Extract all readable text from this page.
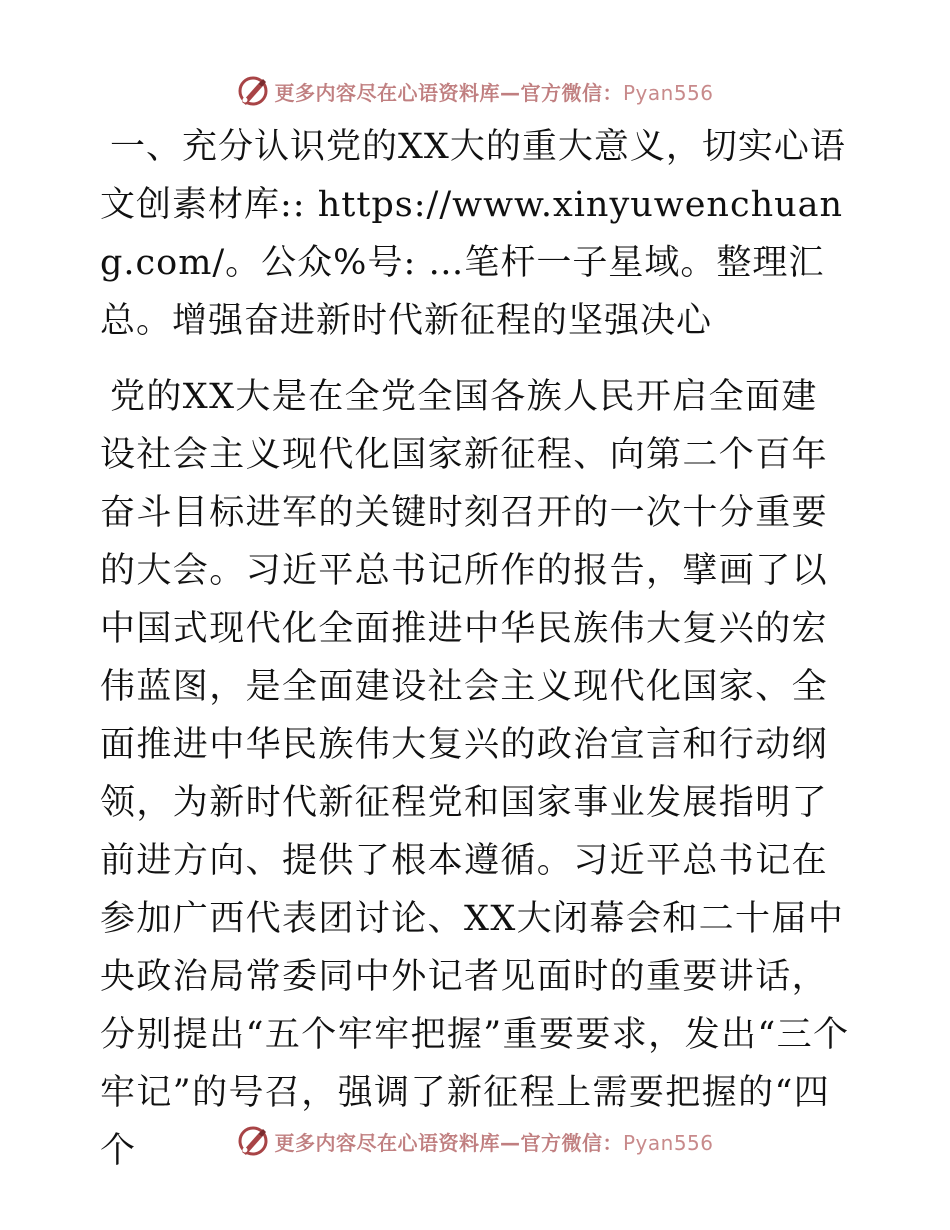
更多内容尽在心语资料库—官方微信：Pyan556
一、充分认识党的XX大的重大意义，切实心语文创素材库:: https://www.xinyuwenchuang.com/。公众%号: …笔杆一子星域。整理汇总。增强奋进新时代新征程的坚强决心

党的XX大是在全党全国各族人民开启全面建设社会主义现代化国家新征程、向第二个百年奋斗目标进军的关键时刻召开的一次十分重要的大会。习近平总书记所作的报告，擘画了以中国式现代化全面推进中华民族伟大复兴的宏伟蓝图，是全面建设社会主义现代化国家、全面推进中华民族伟大复兴的政治宣言和行动纲领，为新时代新征程党和国家事业发展指明了前进方向、提供了根本遵循。习近平总书记在参加广西代表团讨论、XX大闭幕会和二十届中央政治局常委同中外记者见面时的重要讲话，分别提出“五个牢牢把握”重要要求，发出“三个牢记”的号召，强调了新征程上需要把握的“四个	更多内容尽在心语资料库—官方微信：Pyan556
